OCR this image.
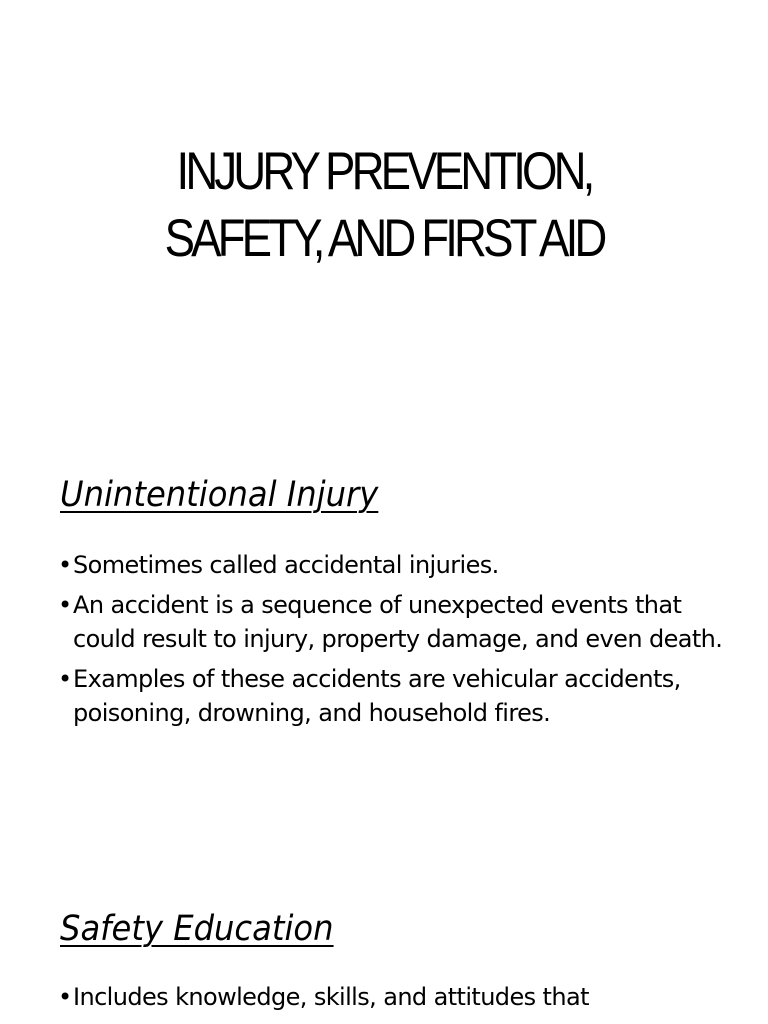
INJURY PREVENTION,
SAFETY, AND FIRST AID
Unintentional Injury
• Sometimes called accidental injuries.
• An accident is a sequence of unexpected events that could result to injury, property damage, and even death.
• Examples of these accidents are vehicular accidents, poisoning, drowning, and household fires.
Safety Education
• Includes knowledge, skills, and attitudes that
